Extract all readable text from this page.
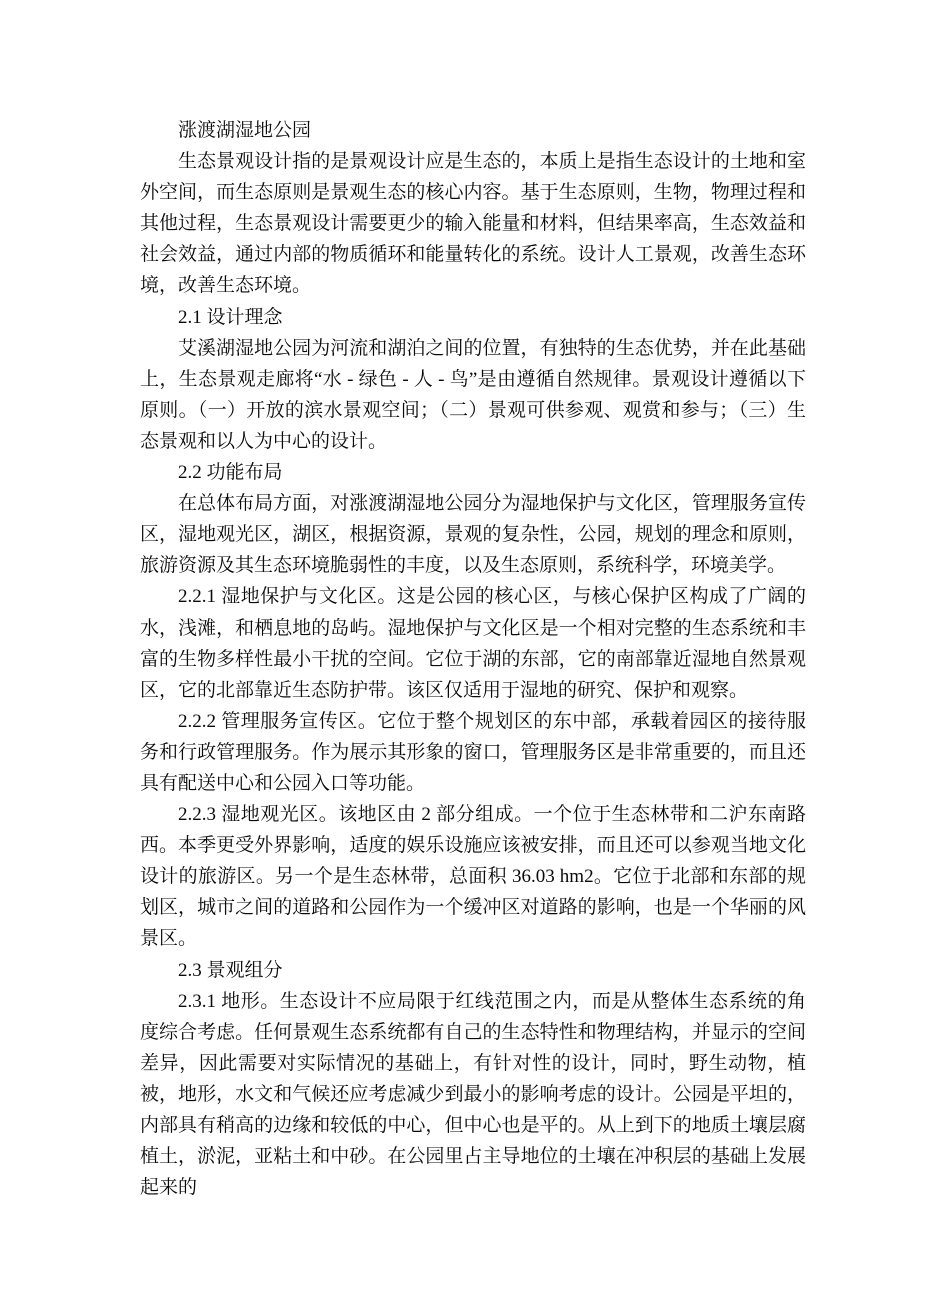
涨渡湖湿地公园

生态景观设计指的是景观设计应是生态的，本质上是指生态设计的土地和室外空间，而生态原则是景观生态的核心内容。基于生态原则，生物，物理过程和其他过程，生态景观设计需要更少的输入能量和材料，但结果率高，生态效益和社会效益，通过内部的物质循环和能量转化的系统。设计人工景观，改善生态环境，改善生态环境。

2.1 设计理念

艾溪湖湿地公园为河流和湖泊之间的位置，有独特的生态优势，并在此基础上，生态景观走廊将“水 - 绿色 - 人 - 鸟”是由遵循自然规律。景观设计遵循以下原则。（一）开放的滨水景观空间；（二）景观可供参观、观赏和参与；（三）生态景观和以人为中心的设计。

2.2 功能布局

在总体布局方面，对涨渡湖湿地公园分为湿地保护与文化区，管理服务宣传区，湿地观光区，湖区，根据资源，景观的复杂性，公园，规划的理念和原则，旅游资源及其生态环境脆弱性的丰度，以及生态原则，系统科学，环境美学。

2.2.1 湿地保护与文化区。这是公园的核心区，与核心保护区构成了广阔的水，浅滩，和栖息地的岛屿。湿地保护与文化区是一个相对完整的生态系统和丰富的生物多样性最小干扰的空间。它位于湖的东部，它的南部靠近湿地自然景观区，它的北部靠近生态防护带。该区仅适用于湿地的研究、保护和观察。

2.2.2 管理服务宣传区。它位于整个规划区的东中部，承载着园区的接待服务和行政管理服务。作为展示其形象的窗口，管理服务区是非常重要的，而且还具有配送中心和公园入口等功能。

2.2.3 湿地观光区。该地区由 2 部分组成。一个位于生态林带和二沪东南路西。本季更受外界影响，适度的娱乐设施应该被安排，而且还可以参观当地文化设计的旅游区。另一个是生态林带，总面积 36.03 hm2。它位于北部和东部的规划区，城市之间的道路和公园作为一个缓冲区对道路的影响，也是一个华丽的风景区。

2.3 景观组分

2.3.1 地形。生态设计不应局限于红线范围之内，而是从整体生态系统的角度综合考虑。任何景观生态系统都有自己的生态特性和物理结构，并显示的空间差异，因此需要对实际情况的基础上，有针对性的设计，同时，野生动物，植被，地形，水文和气候还应考虑减少到最小的影响考虑的设计。公园是平坦的，内部具有稍高的边缘和较低的中心，但中心也是平的。从上到下的地质土壤层腐植土，淤泥，亚粘土和中砂。在公园里占主导地位的土壤在冲积层的基础上发展起来的
